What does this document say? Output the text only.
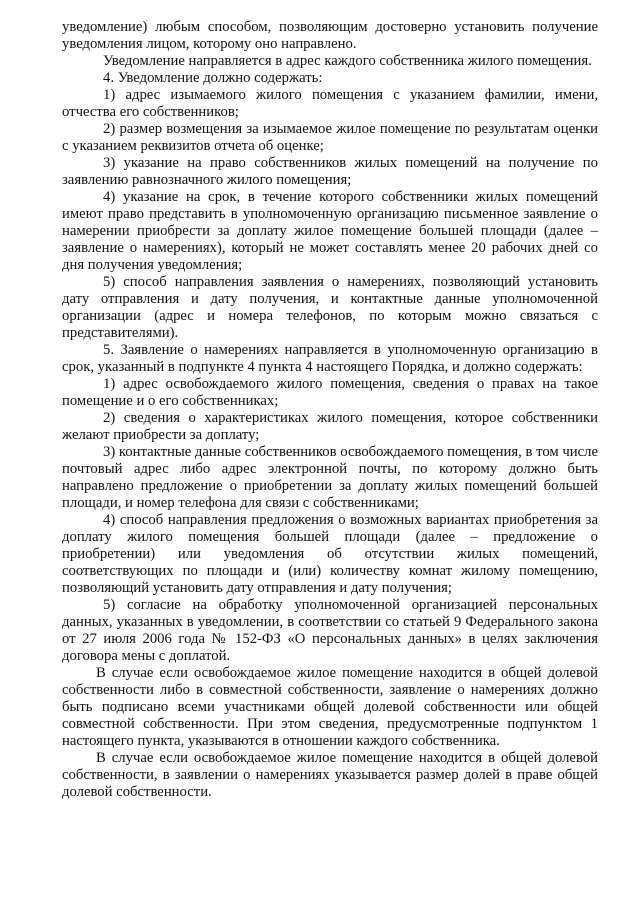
уведомление) любым способом, позволяющим достоверно установить получение уведомления лицом, которому оно направлено.

Уведомление направляется в адрес каждого собственника жилого помещения.

4. Уведомление должно содержать:

1) адрес изымаемого жилого помещения с указанием фамилии, имени, отчества его собственников;

2) размер возмещения за изымаемое жилое помещение по результатам оценки с указанием реквизитов отчета об оценке;

3) указание на право собственников жилых помещений на получение по заявлению равнозначного жилого помещения;

4) указание на срок, в течение которого собственники жилых помещений имеют право представить в уполномоченную организацию письменное заявление о намерении приобрести за доплату жилое помещение большей площади (далее – заявление о намерениях), который не может составлять менее 20 рабочих дней со дня получения уведомления;

5) способ направления заявления о намерениях, позволяющий установить дату отправления и дату получения, и контактные данные уполномоченной организации (адрес и номера телефонов, по которым можно связаться с представителями).

5. Заявление о намерениях направляется в уполномоченную организацию в срок, указанный в подпункте 4 пункта 4 настоящего Порядка, и должно содержать:

1) адрес освобождаемого жилого помещения, сведения о правах на такое помещение и о его собственниках;

2) сведения о характеристиках жилого помещения, которое собственники желают приобрести за доплату;

3) контактные данные собственников освобождаемого помещения, в том числе почтовый адрес либо адрес электронной почты, по которому должно быть направлено предложение о приобретении за доплату жилых помещений большей площади, и номер телефона для связи с собственниками;

4) способ направления предложения о возможных вариантах приобретения за доплату жилого помещения большей площади (далее – предложение о приобретении) или уведомления об отсутствии жилых помещений, соответствующих по площади и (или) количеству комнат жилому помещению, позволяющий установить дату отправления и дату получения;

5) согласие на обработку уполномоченной организацией персональных данных, указанных в уведомлении, в соответствии со статьей 9 Федерального закона от 27 июля 2006 года № 152-ФЗ «О персональных данных» в целях заключения договора мены с доплатой.

В случае если освобождаемое жилое помещение находится в общей долевой собственности либо в совместной собственности, заявление о намерениях должно быть подписано всеми участниками общей долевой собственности или общей совместной собственности. При этом сведения, предусмотренные подпунктом 1 настоящего пункта, указываются в отношении каждого собственника.

В случае если освобождаемое жилое помещение находится в общей долевой собственности, в заявлении о намерениях указывается размер долей в праве общей долевой собственности.
